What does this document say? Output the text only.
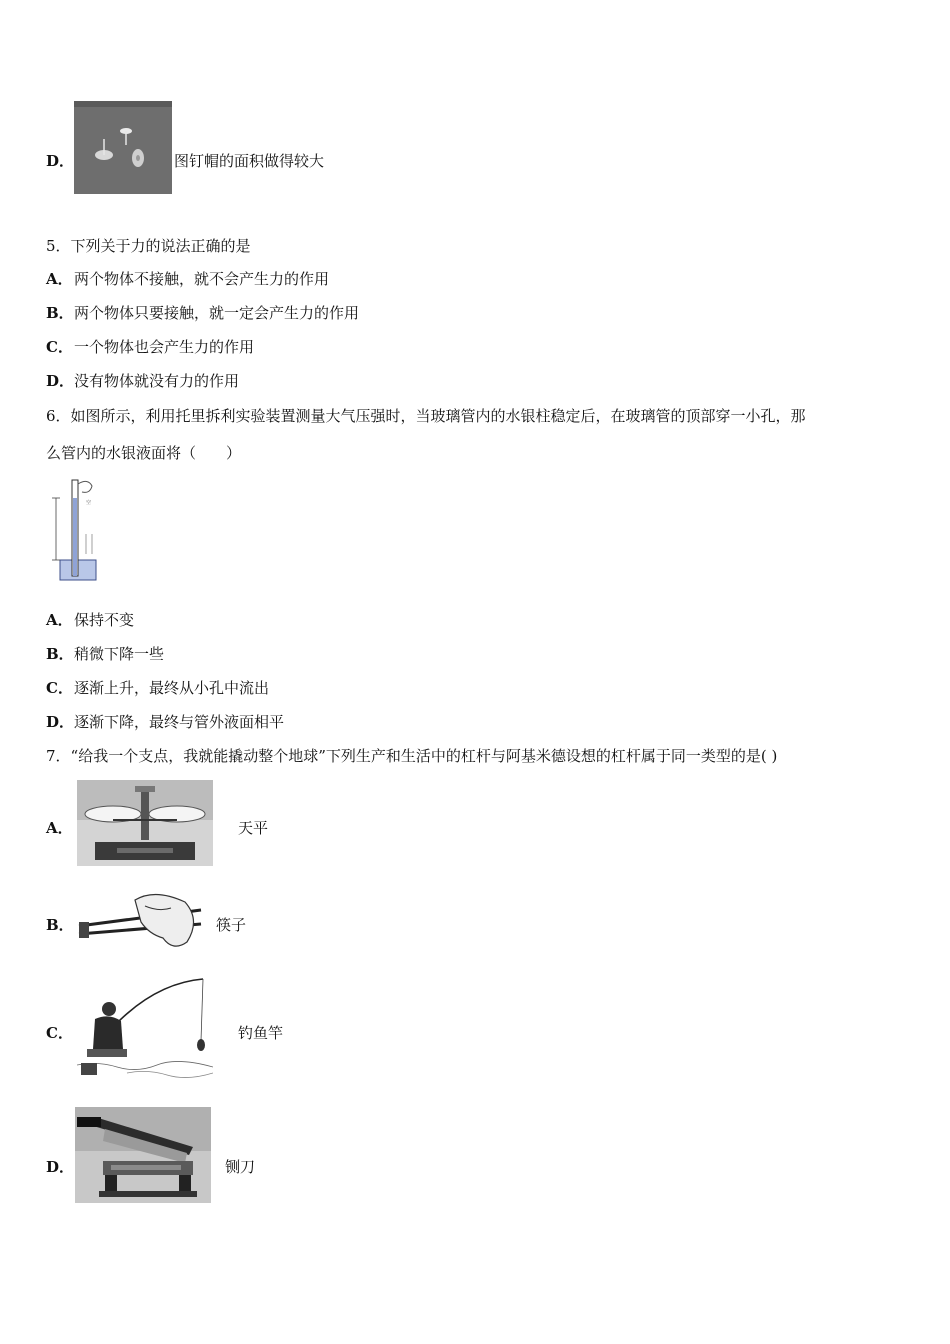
D．	图钉帽的面积做得较大
5．下列关于力的说法正确的是
A． 两个物体不接触，就不会产生力的作用
B． 两个物体只要接触，就一定会产生力的作用
C． 一个物体也会产生力的作用
D． 没有物体就没有力的作用
6．如图所示，利用托里拆利实验装置测量大气压强时，当玻璃管内的水银柱稳定后，在玻璃管的顶部穿一小孔，那
么管内的水银液面将（　　）
空
A． 保持不变
B． 稍微下降一些
C． 逐渐上升，最终从小孔中流出
D． 逐渐下降，最终与管外液面相平
7．“给我一个支点，我就能撬动整个地球”下列生产和生活中的杠杆与阿基米德设想的杠杆属于同一类型的是( )
A．	天平
B．	筷子
C．	钓鱼竿
D．	铡刀
